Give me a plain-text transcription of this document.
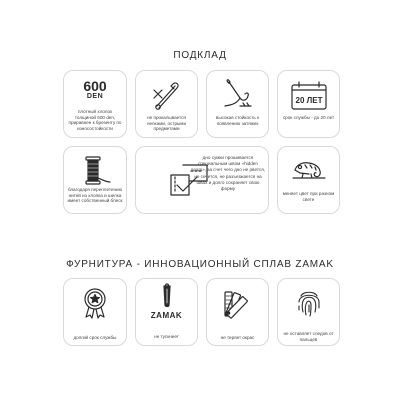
ПОДКЛАД
600
DEN
плотный хлопок толщиной 600 den, приравнен к брезенту по износостойкости
не прокалывается нелками, острыми предметами
высокая стойкость к появлению затяжек
20 ЛЕТ
срок службы - до 20 лет
благодаря переплетению нитей из хлопка и шелка имеет собственный блеск
дно сумки прошивается специальным швом «hidden seam», за счет чего дно не рвется, не сечется, не разъезжается на швах и долго сохраняет свою форму
меняет цвет при разном свете
ФУРНИТУРА - ИННОВАЦИОННЫЙ СПЛАВ ZAMAK
долгий срок службы
ZAMAK
не тускнеет	не теряет окрас
не оставляет следов от пальцев
